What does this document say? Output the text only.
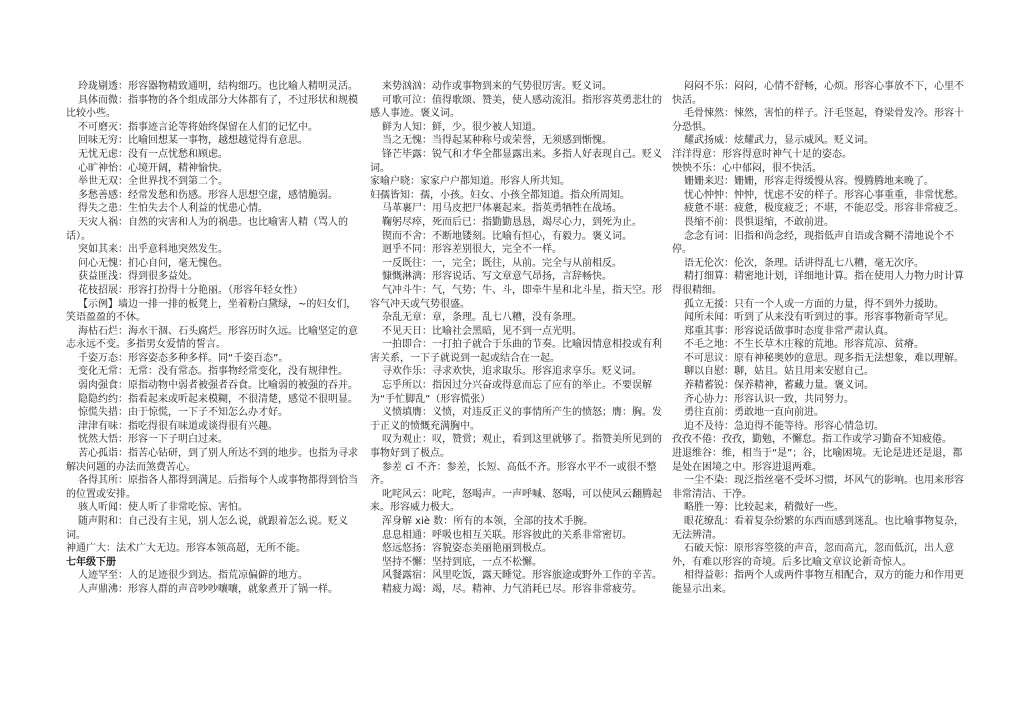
玲珑剔透：形容器物精致通明，结构细巧。也比喻人精明灵活。

具体而微：指事物的各个组成部分大体都有了，不过形状和规模比较小些。

不可磨灭：指事迹言论等将始终保留在人们的记忆中。

回味无穷：比喻回想某一事物，越想越觉得有意思。

无忧无虑：没有一点忧愁和顾虑。

心旷神怡：心境开阔，精神愉快。

举世无双：全世界找不到第二个。

多愁善感：经常发愁和伤感。形容人思想空虚，感情脆弱。

得失之患：生怕失去个人利益的忧患心情。

天灾人祸：自然的灾害和人为的祸患。也比喻害人精（骂人的话）。

突如其来：出乎意料地突然发生。

问心无愧：扪心自问，毫无愧色。

获益匪浅：得到很多益处。

花枝招展：形容打扮得十分艳丽。（形容年轻女性）

【示例】墙边一排一排的板凳上，坐着粉白黛绿，~的妇女们，笑语盈盈的不休。

海枯石烂：海水干涸、石头腐烂。形容历时久远。比喻坚定的意志永远不变。多指男女爱情的誓言。

千姿万态：形容姿态多种多样。同“千姿百态”。

变化无常：无常：没有常态。指事物经常变化，没有规律性。

弱肉强食：原指动物中弱者被强者吞食。比喻弱的被强的吞并。

隐隐约约：指看起来或听起来模糊，不很清楚，感觉不很明显。

惊慌失措：由于惊慌，一下子不知怎么办才好。

津津有味：指吃得很有味道或谈得很有兴趣。

恍然大悟：形容一下子明白过来。

苦心孤诣：指苦心钻研，到了别人所达不到的地步。也指为寻求解决问题的办法而煞费苦心。

各得其所：原指各人都得到满足。后指每个人或事物都得到恰当的位置或安排。

骇人听闻：使人听了非常吃惊、害怕。

随声附和：自己没有主见，别人怎么说，就跟着怎么说。贬义词。

神通广大：法术广大无边。形容本领高超，无所不能。

七年级下册

人迹罕至：人的足迹很少到达。指荒凉偏僻的地方。

人声鼎沸：形容人群的声音吵吵嚷嚷，就象煮开了锅一样。

来势汹汹：动作或事物到来的气势很厉害。贬义词。

可歌可泣：值得歌颂、赞美，使人感动流泪。指形容英勇悲壮的感人事迹。褒义词。

鲜为人知：鲜，少。很少被人知道。

当之无愧：当得起某种称号或荣誉，无须感到惭愧。

锋芒毕露：锐气和才华全都显露出来。多指人好表现自己。贬义词。

家喻户晓：家家户户都知道。形容人所共知。

妇孺皆知：孺，小孩。妇女、小孩全都知道。指众所周知。

马革裹尸：用马皮把尸体裹起来。指英勇牺牲在战场。

鞠躬尽瘁，死而后已：指勤勤恳恳，竭尽心力，到死为止。

锲而不舍：不断地镂刻。比喻有恒心，有毅力。褒义词。

迥乎不同：形容差别很大，完全不一样。

一反既往：一，完全；既往，从前。完全与从前相反。

慷慨淋漓：形容说话、写文章意气昂扬，言辞畅快。

气冲斗牛：气，气势；牛、斗，即牵牛星和北斗星，指天空。形容气冲天或气势很盛。

杂乱无章：章，条理。乱七八糟，没有条理。

不见天日：比喻社会黑暗，见不到一点光明。

一拍即合：一打拍子就合于乐曲的节奏。比喻因情意相投或有利害关系，一下子就说到一起或结合在一起。

寻欢作乐：寻求欢快，追求取乐。形容追求享乐。贬义词。

忘乎所以：指因过分兴奋或得意而忘了应有的举止。不要误解为“手忙脚乱”（形容慌张）

义愤填膺：义愤，对违反正义的事情所产生的愤怒；膺：胸。发于正义的愤慨充满胸中。

叹为观止：叹，赞赏；观止，看到这里就够了。指赞美所见到的事物好到了极点。

参差 cī 不齐：参差，长短、高低不齐。形容水平不一或很不整齐。

叱咤风云：叱咤，怒喝声。一声呼喊、怒喝，可以使风云翻腾起来。形容威力极大。

浑身解 xiè 数：所有的本领，全部的技术手腕。

息息相通：呼吸也相互关联。形容彼此的关系非常密切。

悠远悠扬：容貌姿态美丽艳丽到极点。

坚持不懈：坚持到底，一点不松懈。

风餐露宿：风里吃饭，露天睡觉。形容旅途或野外工作的辛苦。

精疲力竭：竭，尽。精神、力气消耗已尽。形容非常疲劳。

闷闷不乐：闷闷，心情不舒畅，心烦。形容心事放不下，心里不快活。

毛骨悚然：悚然，害怕的样子。汗毛竖起，脊梁骨发冷。形容十分恐惧。

耀武扬威：炫耀武力，显示威风。贬义词。

洋洋得意：形容得意时神气十足的姿态。

怏怏不乐：心中郁闷，很不快活。

姗姗来迟：姗姗，形容走得缓慢从容。慢腾腾地来晚了。

忧心忡忡：忡忡，忧虑不安的样子。形容心事重重，非常忧愁。

疲惫不堪：疲惫，极度疲乏；不堪，不能忍受。形容非常疲乏。

畏缩不前：畏惧退缩，不敢前进。

念念有词：旧指和尚念经，现指低声自语或含糊不清地说个不停。

语无伦次：伦次，条理。话讲得乱七八糟，毫无次序。

精打细算：精密地计划，详细地计算。指在使用人力物力时计算得很精细。

孤立无援：只有一个人或一方面的力量，得不到外力援助。

闻所未闻：听到了从来没有听到过的事。形容事物新奇罕见。

郑重其事：形容说话做事时态度非常严肃认真。

不毛之地：不生长草木庄稼的荒地。形容荒凉、贫瘠。

不可思议：原有神秘奥妙的意思。现多指无法想象，难以理解。

聊以自慰：聊，姑且。姑且用来安慰自己。

养精蓄锐：保养精神，蓄藏力量。褒义词。

齐心协力：形容认识一致，共同努力。

勇往直前：勇敢地一直向前进。

迫不及待：急迫得不能等待。形容心情急切。

孜孜不倦：孜孜，勤勉，不懈怠。指工作或学习勤奋不知疲倦。

进退维谷：维，相当于“是”；谷，比喻困境。无论是进还是退，都是处在困境之中。形容进退两难。

一尘不染：现泛指丝毫不受坏习惯，坏风气的影响。也用来形容非常清洁、干净。

略胜一筹：比较起来，稍微好一些。

眼花缭乱：看着复杂纷繁的东西而感到迷乱。也比喻事物复杂，无法辨清。

石破天惊：原形容箜篌的声音，忽而高亢，忽而低沉，出人意外，有难以形容的奇境。后多比喻文章议论新奇惊人。

相得益彰：指两个人或两件事物互相配合，双方的能力和作用更能显示出来。
